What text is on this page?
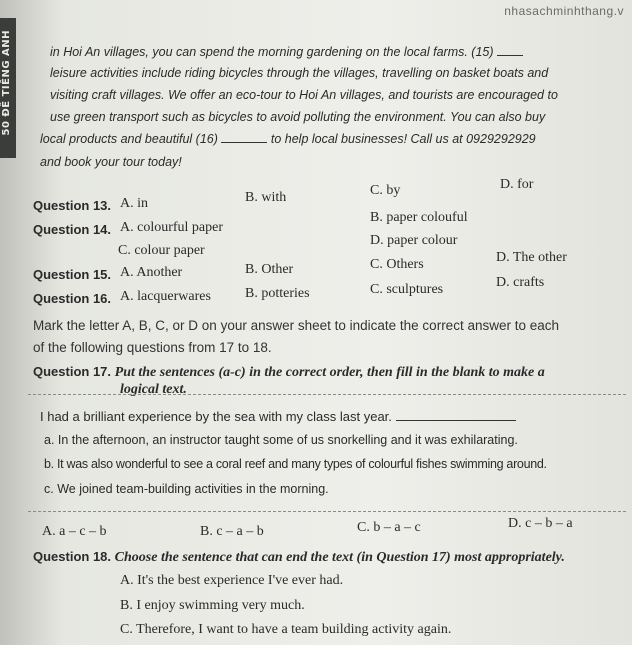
50 ĐỀ TIẾNG ANH
nhasachminhthang.v
in Hoi An villages, you can spend the morning gardening on the local farms. (15)
leisure activities include riding bicycles through the villages, travelling on basket boats and
visiting craft villages. We offer an eco-tour to Hoi An villages, and tourists are encouraged to
use green transport such as bicycles to avoid polluting the environment. You can also buy
local products and beautiful (16)	to help local businesses! Call us at 0929292929
and book your tour today!
Question 13. A. in	B. with	C. by	D. for
Question 14. A. colourful paper
B. paper colouful
C. colour paper
D. paper colour
Question 15. A. Another	B. Other	C. Others	D. The other
Question 16. A. lacquerwares B. potteries	C. sculptures	D. crafts
Mark the letter A, B, C, or D on your answer sheet to indicate the correct answer to each
of the following questions from 17 to 18.
Question 17. Put the sentences (a-c) in the correct order, then fill in the blank to make a
logical text.
I had a brilliant experience by the sea with my class last year.
a. In the afternoon, an instructor taught some of us snorkelling and it was exhilarating.
b. It was also wonderful to see a coral reef and many types of colourful fishes swimming around.
c. We joined team-building activities in the morning.
A. a – c – b	B. c – a – b	C. b – a – c	D. c – b – a
Question 18. Choose the sentence that can end the text (in Question 17) most appropriately.
A. It's the best experience I've ever had.
B. I enjoy swimming very much.
C. Therefore, I want to have a team building activity again.
